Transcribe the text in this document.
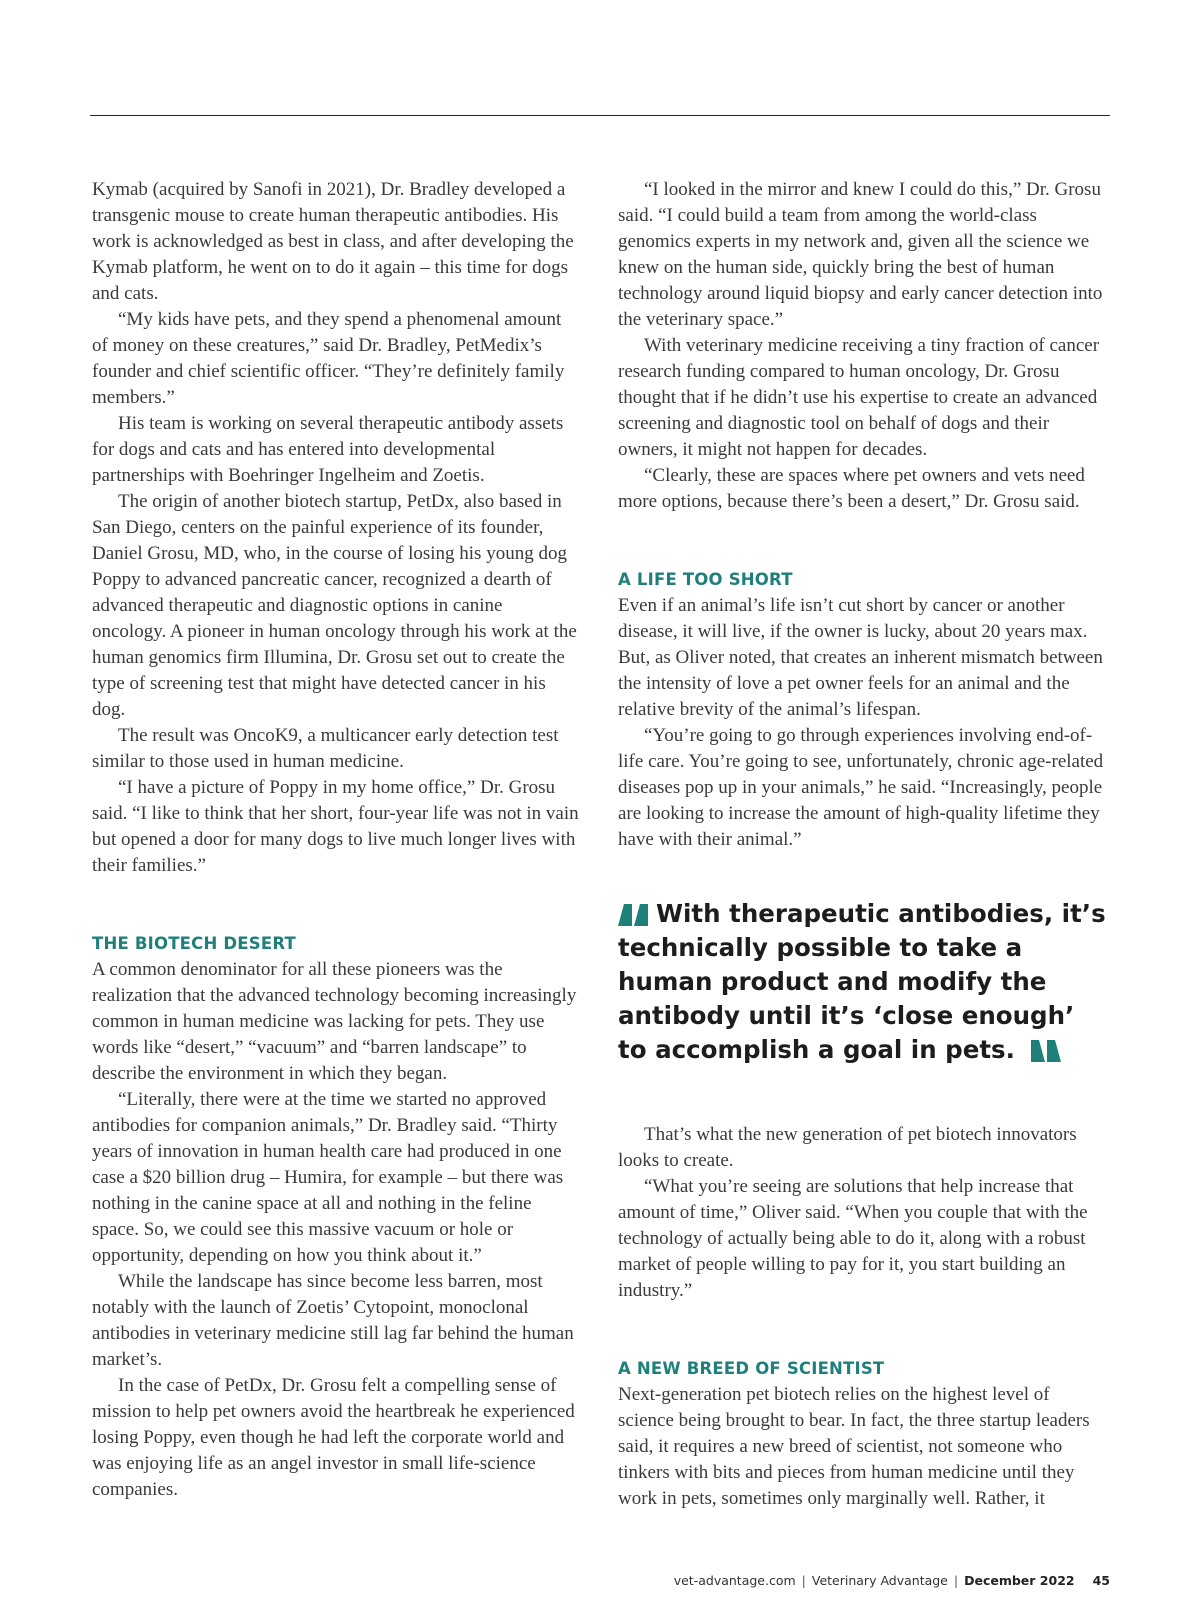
Kymab (acquired by Sanofi in 2021), Dr. Bradley developed a transgenic mouse to create human therapeutic antibodies. His work is acknowledged as best in class, and after developing the Kymab platform, he went on to do it again – this time for dogs and cats.

“My kids have pets, and they spend a phenomenal amount of money on these creatures,” said Dr. Bradley, PetMedix’s founder and chief scientific officer. “They’re definitely family members.”

His team is working on several therapeutic antibody assets for dogs and cats and has entered into developmental partnerships with Boehringer Ingelheim and Zoetis.

The origin of another biotech startup, PetDx, also based in San Diego, centers on the painful experience of its founder, Daniel Grosu, MD, who, in the course of losing his young dog Poppy to advanced pancreatic cancer, recognized a dearth of advanced therapeutic and diagnostic options in canine oncology. A pioneer in human oncology through his work at the human genomics firm Illumina, Dr. Grosu set out to create the type of screening test that might have detected cancer in his dog.

The result was OncoK9, a multicancer early detection test similar to those used in human medicine.

“I have a picture of Poppy in my home office,” Dr. Grosu said. “I like to think that her short, four-year life was not in vain but opened a door for many dogs to live much longer lives with their families.”

THE BIOTECH DESERT

A common denominator for all these pioneers was the realization that the advanced technology becoming increasingly common in human medicine was lacking for pets. They use words like “desert,” “vacuum” and “barren landscape” to describe the environment in which they began.

“Literally, there were at the time we started no approved antibodies for companion animals,” Dr. Bradley said. “Thirty years of innovation in human health care had produced in one case a $20 billion drug – Humira, for example – but there was nothing in the canine space at all and nothing in the feline space. So, we could see this massive vacuum or hole or opportunity, depending on how you think about it.”

While the landscape has since become less barren, most notably with the launch of Zoetis’ Cytopoint, monoclonal antibodies in veterinary medicine still lag far behind the human market’s.

In the case of PetDx, Dr. Grosu felt a compelling sense of mission to help pet owners avoid the heartbreak he experienced losing Poppy, even though he had left the corporate world and was enjoying life as an angel investor in small life-science companies.

“I looked in the mirror and knew I could do this,” Dr. Grosu said. “I could build a team from among the world-class genomics experts in my network and, given all the science we knew on the human side, quickly bring the best of human technology around liquid biopsy and early cancer detection into the veterinary space.”

With veterinary medicine receiving a tiny fraction of cancer research funding compared to human oncology, Dr. Grosu thought that if he didn’t use his expertise to create an advanced screening and diagnostic tool on behalf of dogs and their owners, it might not happen for decades.

“Clearly, these are spaces where pet owners and vets need more options, because there’s been a desert,” Dr. Grosu said.

A LIFE TOO SHORT

Even if an animal’s life isn’t cut short by cancer or another disease, it will live, if the owner is lucky, about 20 years max. But, as Oliver noted, that creates an inherent mismatch between the intensity of love a pet owner feels for an animal and the relative brevity of the animal’s lifespan.

“You’re going to go through experiences involving end-of-life care. You’re going to see, unfortunately, chronic age-related diseases pop up in your animals,” he said. “Increasingly, people are looking to increase the amount of high-quality lifetime they have with their animal.”

With therapeutic antibodies, it’s technically possible to take a human product and modify the antibody until it’s ‘close enough’ to accomplish a goal in pets.

That’s what the new generation of pet biotech innovators looks to create.

“What you’re seeing are solutions that help increase that amount of time,” Oliver said. “When you couple that with the technology of actually being able to do it, along with a robust market of people willing to pay for it, you start building an industry.”

A NEW BREED OF SCIENTIST

Next-generation pet biotech relies on the highest level of science being brought to bear. In fact, the three startup leaders said, it requires a new breed of scientist, not someone who tinkers with bits and pieces from human medicine until they work in pets, sometimes only marginally well. Rather, it

vet-advantage.com | Veterinary Advantage | December 2022 45
